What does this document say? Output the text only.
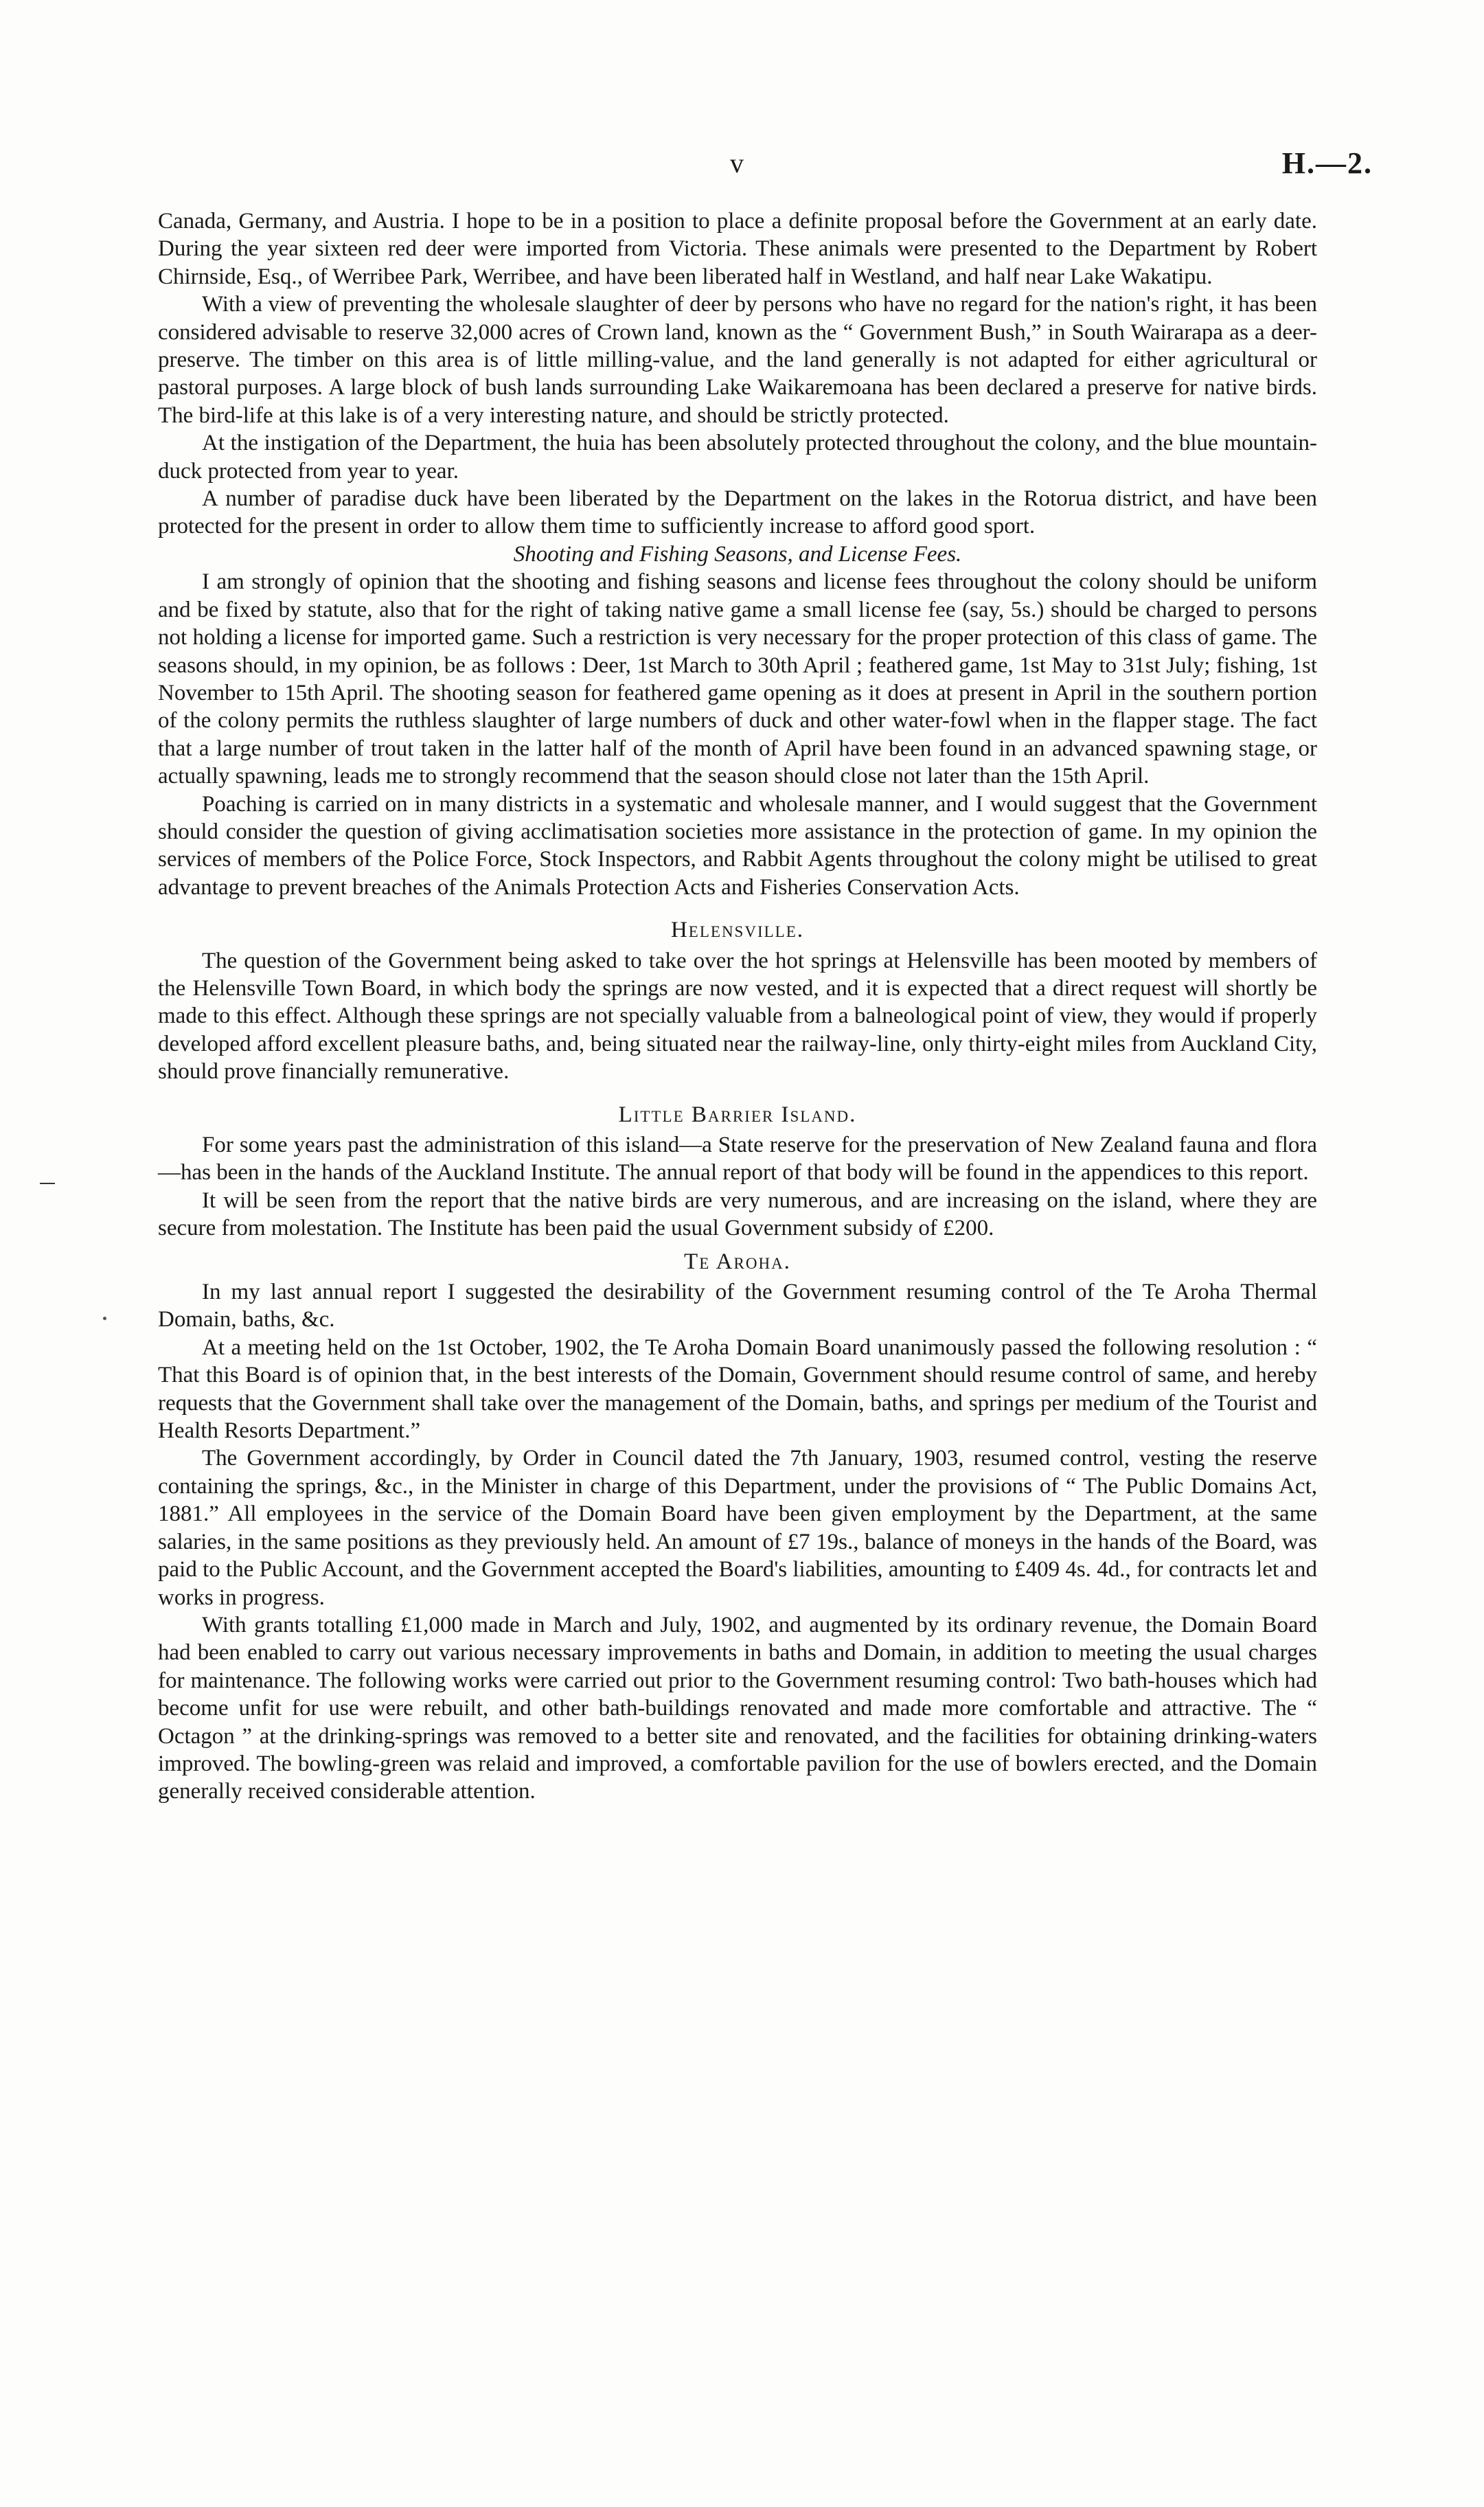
v	H.—2.

Canada, Germany, and Austria. I hope to be in a position to place a definite proposal before the Government at an early date. During the year sixteen red deer were imported from Victoria. These animals were presented to the Department by Robert Chirnside, Esq., of Werribee Park, Werribee, and have been liberated half in Westland, and half near Lake Wakatipu.

With a view of preventing the wholesale slaughter of deer by persons who have no regard for the nation's right, it has been considered advisable to reserve 32,000 acres of Crown land, known as the “ Government Bush,” in South Wairarapa as a deer-preserve. The timber on this area is of little milling-value, and the land generally is not adapted for either agricultural or pastoral purposes. A large block of bush lands surrounding Lake Waikaremoana has been declared a preserve for native birds. The bird-life at this lake is of a very interesting nature, and should be strictly protected.

At the instigation of the Department, the huia has been absolutely protected throughout the colony, and the blue mountain-duck protected from year to year.

A number of paradise duck have been liberated by the Department on the lakes in the Rotorua district, and have been protected for the present in order to allow them time to sufficiently increase to afford good sport.

Shooting and Fishing Seasons, and License Fees.

I am strongly of opinion that the shooting and fishing seasons and license fees throughout the colony should be uniform and be fixed by statute, also that for the right of taking native game a small license fee (say, 5s.) should be charged to persons not holding a license for imported game. Such a restriction is very necessary for the proper protection of this class of game. The seasons should, in my opinion, be as follows : Deer, 1st March to 30th April ; feathered game, 1st May to 31st July; fishing, 1st November to 15th April. The shooting season for feathered game opening as it does at present in April in the southern portion of the colony permits the ruthless slaughter of large numbers of duck and other water-fowl when in the flapper stage. The fact that a large number of trout taken in the latter half of the month of April have been found in an advanced spawning stage, or actually spawning, leads me to strongly recommend that the season should close not later than the 15th April.

Poaching is carried on in many districts in a systematic and wholesale manner, and I would suggest that the Government should consider the question of giving acclimatisation societies more assistance in the protection of game. In my opinion the services of members of the Police Force, Stock Inspectors, and Rabbit Agents throughout the colony might be utilised to great advantage to prevent breaches of the Animals Protection Acts and Fisheries Conservation Acts.

Helensville.

The question of the Government being asked to take over the hot springs at Helensville has been mooted by members of the Helensville Town Board, in which body the springs are now vested, and it is expected that a direct request will shortly be made to this effect. Although these springs are not specially valuable from a balneological point of view, they would if properly developed afford excellent pleasure baths, and, being situated near the railway-line, only thirty-eight miles from Auckland City, should prove financially remunerative.

Little Barrier Island.

For some years past the administration of this island—a State reserve for the preservation of New Zealand fauna and flora—has been in the hands of the Auckland Institute. The annual report of that body will be found in the appendices to this report.

It will be seen from the report that the native birds are very numerous, and are increasing on the island, where they are secure from molestation. The Institute has been paid the usual Government subsidy of £200.

Te Aroha.

In my last annual report I suggested the desirability of the Government resuming control of the Te Aroha Thermal Domain, baths, &c.

At a meeting held on the 1st October, 1902, the Te Aroha Domain Board unanimously passed the following resolution : “ That this Board is of opinion that, in the best interests of the Domain, Government should resume control of same, and hereby requests that the Government shall take over the management of the Domain, baths, and springs per medium of the Tourist and Health Resorts Department.”

The Government accordingly, by Order in Council dated the 7th January, 1903, resumed control, vesting the reserve containing the springs, &c., in the Minister in charge of this Department, under the provisions of “ The Public Domains Act, 1881.” All employees in the service of the Domain Board have been given employment by the Department, at the same salaries, in the same positions as they previously held. An amount of £7 19s., balance of moneys in the hands of the Board, was paid to the Public Account, and the Government accepted the Board's liabilities, amounting to £409 4s. 4d., for contracts let and works in progress.

With grants totalling £1,000 made in March and July, 1902, and augmented by its ordinary revenue, the Domain Board had been enabled to carry out various necessary improvements in baths and Domain, in addition to meeting the usual charges for maintenance. The following works were carried out prior to the Government resuming control: Two bath-houses which had become unfit for use were rebuilt, and other bath-buildings renovated and made more comfortable and attractive. The “ Octagon ” at the drinking-springs was removed to a better site and renovated, and the facilities for obtaining drinking-waters improved. The bowling-green was relaid and improved, a comfortable pavilion for the use of bowlers erected, and the Domain generally received considerable attention.
